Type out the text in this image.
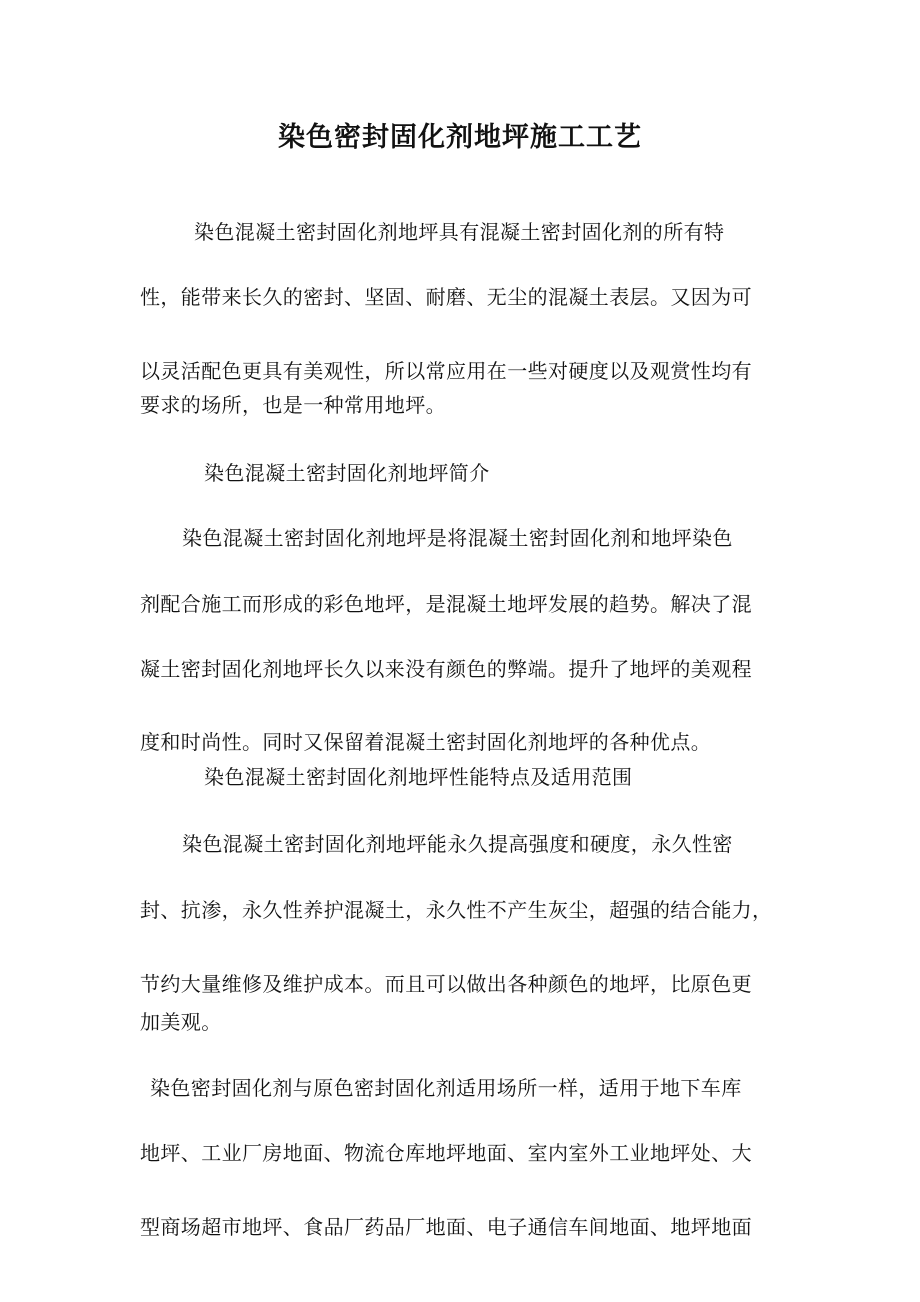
染色密封固化剂地坪施工工艺
染色混凝土密封固化剂地坪具有混凝土密封固化剂的所有特
性，能带来长久的密封、坚固、耐磨、无尘的混凝土表层。又因为可
以灵活配色更具有美观性，所以常应用在一些对硬度以及观赏性均有
要求的场所，也是一种常用地坪。
染色混凝土密封固化剂地坪简介
染色混凝土密封固化剂地坪是将混凝土密封固化剂和地坪染色
剂配合施工而形成的彩色地坪，是混凝土地坪发展的趋势。解决了混
凝土密封固化剂地坪长久以来没有颜色的弊端。提升了地坪的美观程
度和时尚性。同时又保留着混凝土密封固化剂地坪的各种优点。
染色混凝土密封固化剂地坪性能特点及适用范围
染色混凝土密封固化剂地坪能永久提高强度和硬度，永久性密
封、抗渗，永久性养护混凝土，永久性不产生灰尘，超强的结合能力，
节约大量维修及维护成本。而且可以做出各种颜色的地坪，比原色更
加美观。
染色密封固化剂与原色密封固化剂适用场所一样，适用于地下车库
地坪、工业厂房地面、物流仓库地坪地面、室内室外工业地坪处、大
型商场超市地坪、食品厂药品厂地面、电子通信车间地面、地坪地面
